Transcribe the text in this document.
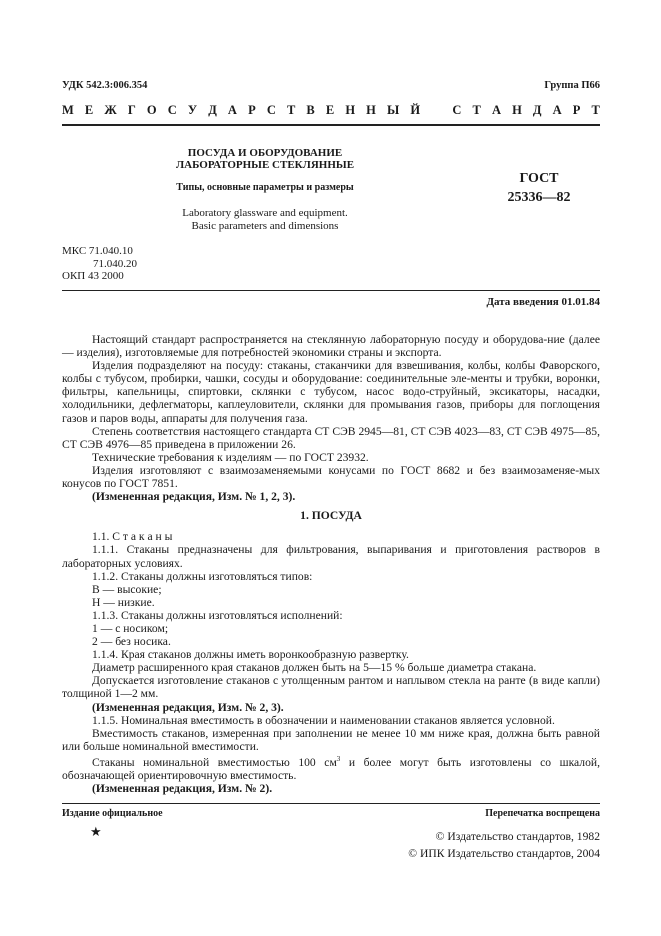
УДК 542.3:006.354	Группа П66
М Е Ж Г О С У Д А Р С Т В Е Н Н Ы Й	С Т А Н Д А Р Т
ПОСУДА И ОБОРУДОВАНИЕ
ЛАБОРАТОРНЫЕ СТЕКЛЯННЫЕ
Типы, основные параметры и размеры
Laboratory glassware and equipment.
Basic parameters and dimensions
ГОСТ
25336—82
МКС 71.040.10
71.040.20
ОКП 43 2000
Дата введения 01.01.84

Настоящий стандарт распространяется на стеклянную лабораторную посуду и оборудова-ние (далее — изделия), изготовляемые для потребностей экономики страны и экспорта.

Изделия подразделяют на посуду: стаканы, стаканчики для взвешивания, колбы, колбы Фаворского, колбы с тубусом, пробирки, чашки, сосуды и оборудование: соединительные эле-менты и трубки, воронки, фильтры, капельницы, спиртовки, склянки с тубусом, насос водо-струйный, эксикаторы, насадки, холодильники, дефлегматоры, каплеуловители, склянки для промывания газов, приборы для поглощения газов и паров воды, аппараты для получения газа.

Степень соответствия настоящего стандарта СТ СЭВ 2945—81, СТ СЭВ 4023—83, СТ СЭВ 4975—85, СТ СЭВ 4976—85 приведена в приложении 26.

Технические требования к изделиям — по ГОСТ 23932.

Изделия изготовляют с взаимозаменяемыми конусами по ГОСТ 8682 и без взаимозаменяе-мых конусов по ГОСТ 7851.

(Измененная редакция, Изм. № 1, 2, 3).

1. ПОСУДА

1.1. С т а к а н ы

1.1.1. Стаканы предназначены для фильтрования, выпаривания и приготовления растворов в лабораторных условиях.

1.1.2. Стаканы должны изготовляться типов:

В — высокие;

Н — низкие.

1.1.3. Стаканы должны изготовляться исполнений:

1 — с носиком;

2 — без носика.

1.1.4. Края стаканов должны иметь воронкообразную развертку.

Диаметр расширенного края стаканов должен быть на 5—15 % больше диаметра стакана.

Допускается изготовление стаканов с утолщенным рантом и наплывом стекла на ранте (в виде капли) толщиной 1—2 мм.

(Измененная редакция, Изм. № 2, 3).

1.1.5. Номинальная вместимость в обозначении и наименовании стаканов является условной.

Вместимость стаканов, измеренная при заполнении не менее 10 мм ниже края, должна быть равной или больше номинальной вместимости.

Стаканы номинальной вместимостью 100 $см^3$ и более могут быть изготовлены со шкалой, обозначающей ориентировочную вместимость.

(Измененная редакция, Изм. № 2).

Издание официальное	Перепечатка воспрещена
★	© Издательство стандартов, 1982
© ИПК Издательство стандартов, 2004
